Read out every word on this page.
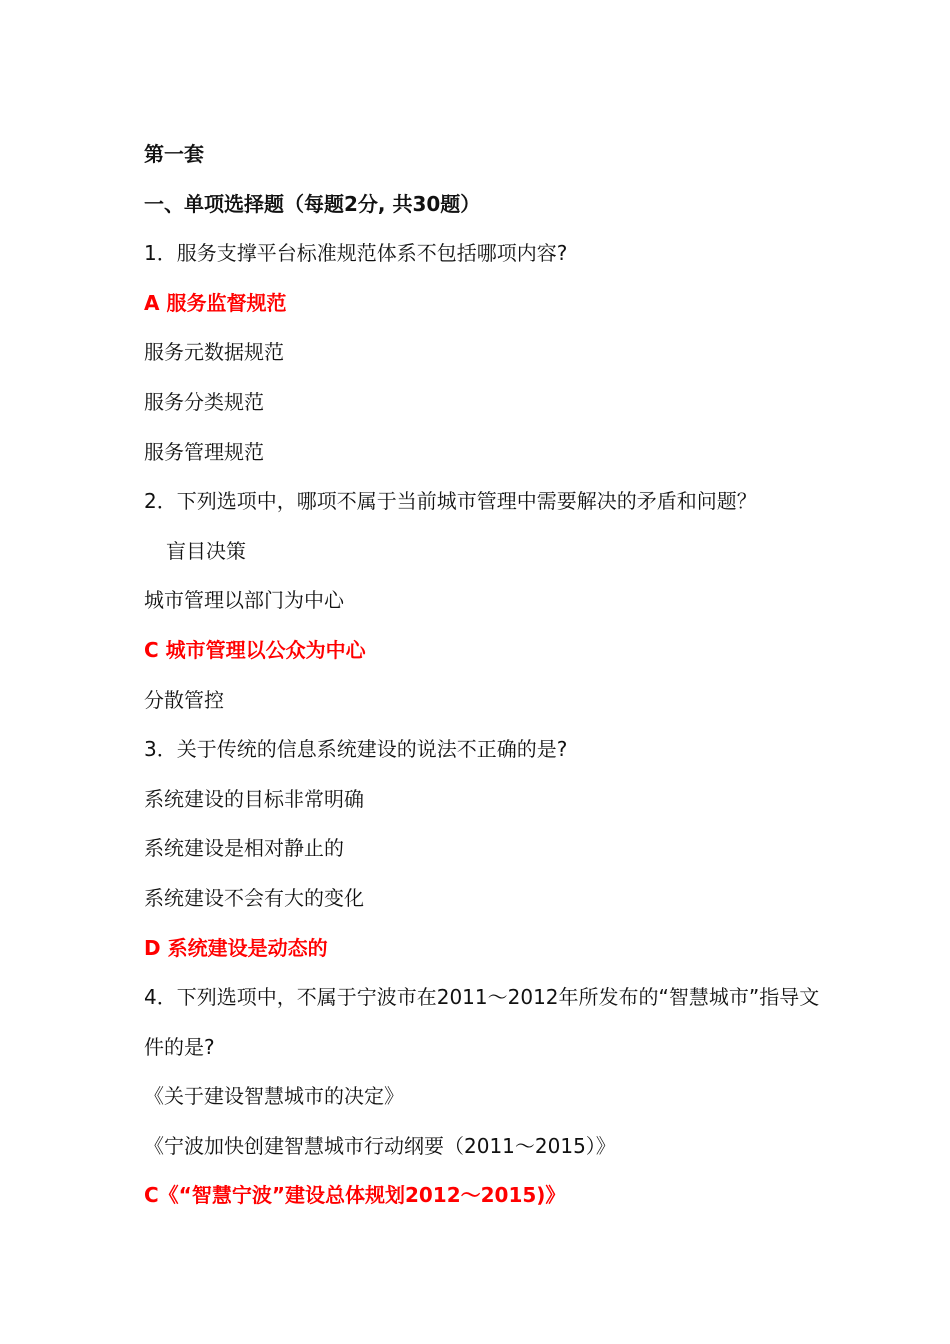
第一套
一、单项选择题（每题2分, 共30题）
1．服务支撑平台标准规范体系不包括哪项内容?
A 服务监督规范
服务元数据规范
服务分类规范
服务管理规范
2．下列选项中，哪项不属于当前城市管理中需要解决的矛盾和问题？
盲目决策
城市管理以部门为中心
C 城市管理以公众为中心
分散管控
3．关于传统的信息系统建设的说法不正确的是?
系统建设的目标非常明确
系统建设是相对静止的
系统建设不会有大的变化
D 系统建设是动态的
4．下列选项中，不属于宁波市在2011～2012年所发布的“智慧城市”指导文件的是?
《关于建设智慧城市的决定》
《宁波加快创建智慧城市行动纲要（2011～2015）》
C《“智慧宁波”建设总体规划2012～2015)》
